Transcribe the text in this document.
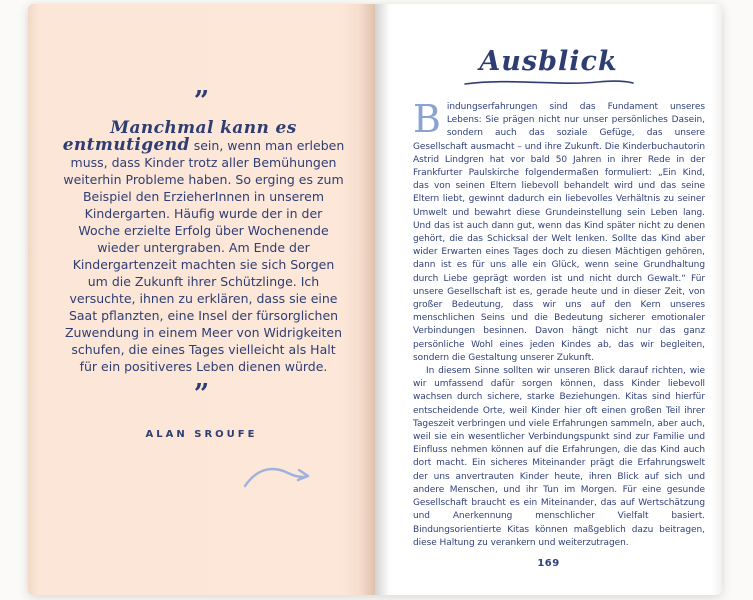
”

Manchmal kann es entmutigend sein, wenn man erleben muss, dass Kinder trotz aller Bemühungen weiterhin Probleme haben. So erging es zum Beispiel den ErzieherInnen in unserem Kindergarten. Häufig wurde der in der Woche erzielte Erfolg über Wochenende wieder untergraben. Am Ende der Kindergartenzeit machten sie sich Sorgen um die Zukunft ihrer Schützlinge. Ich versuchte, ihnen zu erklären, dass sie eine Saat pflanzten, eine Insel der fürsorglichen Zuwendung in einem Meer von Widrigkeiten schufen, die eines Tages vielleicht als Halt für ein positiveres Leben dienen würde.

”
ALAN SROUFE
Ausblick

Bindungserfahrungen sind das Fundament unseres Lebens: Sie prägen nicht nur unser persönliches Dasein, sondern auch das soziale Gefüge, das unsere Gesellschaft ausmacht – und ihre Zukunft. Die Kinderbuchautorin Astrid Lindgren hat vor bald 50 Jahren in ihrer Rede in der Frankfurter Paulskirche folgendermaßen formuliert: „Ein Kind, das von seinen Eltern liebevoll behandelt wird und das seine Eltern liebt, gewinnt dadurch ein liebevolles Verhältnis zu seiner Umwelt und bewahrt diese Grundeinstellung sein Leben lang. Und das ist auch dann gut, wenn das Kind später nicht zu denen gehört, die das Schicksal der Welt lenken. Sollte das Kind aber wider Erwarten eines Tages doch zu diesen Mächtigen gehören, dann ist es für uns alle ein Glück, wenn seine Grundhaltung durch Liebe geprägt worden ist und nicht durch Gewalt.“ Für unsere Gesellschaft ist es, gerade heute und in dieser Zeit, von großer Bedeutung, dass wir uns auf den Kern unseres menschlichen Seins und die Bedeutung sicherer emotionaler Verbindungen besinnen. Davon hängt nicht nur das ganz persönliche Wohl eines jeden Kindes ab, das wir begleiten, sondern die Gestaltung unserer Zukunft.

In diesem Sinne sollten wir unseren Blick darauf richten, wie wir umfassend dafür sorgen können, dass Kinder liebevoll wachsen durch sichere, starke Beziehungen. Kitas sind hierfür entscheidende Orte, weil Kinder hier oft einen großen Teil ihrer Tageszeit verbringen und viele Erfahrungen sammeln, aber auch, weil sie ein wesentlicher Verbindungspunkt sind zur Familie und Einfluss nehmen können auf die Erfahrungen, die das Kind auch dort macht. Ein sicheres Miteinander prägt die Erfahrungswelt der uns anvertrauten Kinder heute, ihren Blick auf sich und andere Menschen, und ihr Tun im Morgen. Für eine gesunde Gesellschaft braucht es ein Miteinander, das auf Wertschätzung und Anerkennung menschlicher Vielfalt basiert. Bindungsorientierte Kitas können maßgeblich dazu beitragen, diese Haltung zu verankern und weiterzutragen.

169
